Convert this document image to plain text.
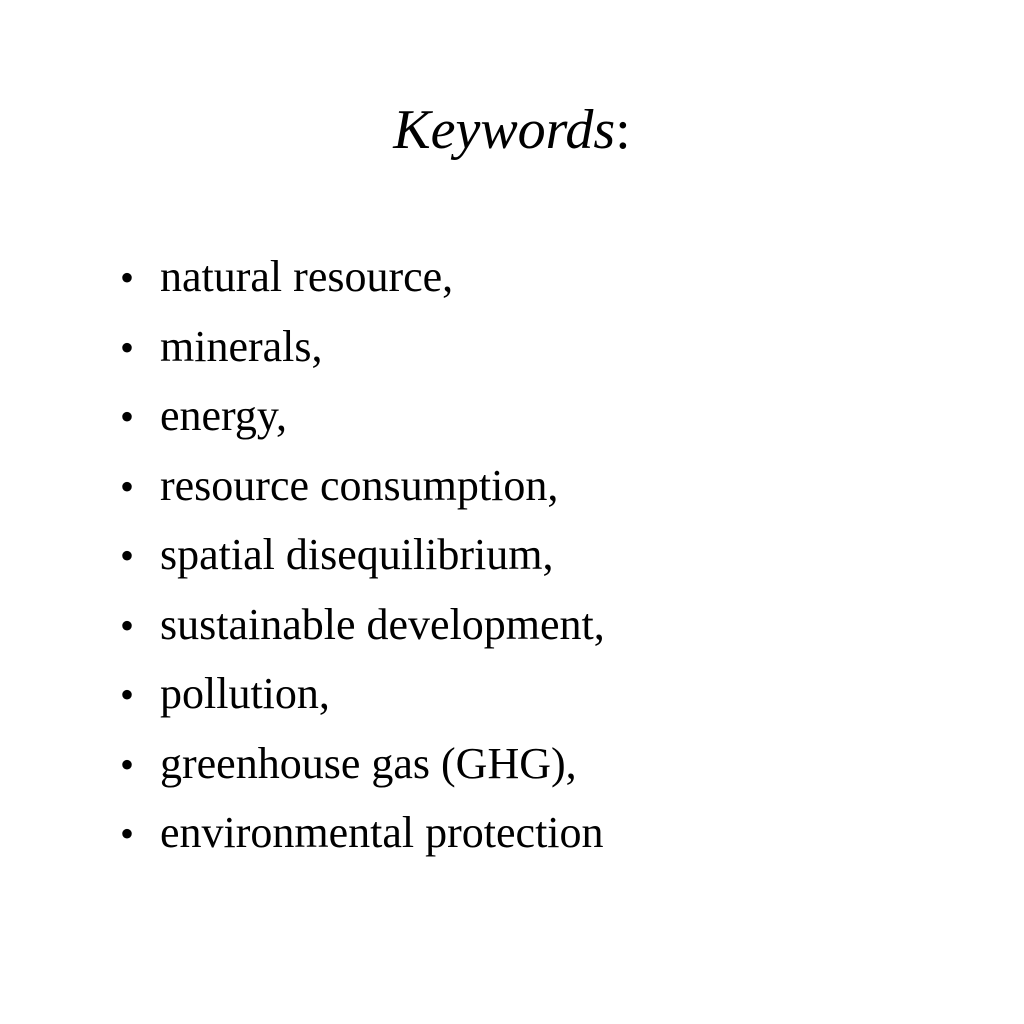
Keywords:
• natural resource,
• minerals,
• energy,
• resource consumption,
• spatial disequilibrium,
• sustainable development,
• pollution,
• greenhouse gas (GHG),
• environmental protection
